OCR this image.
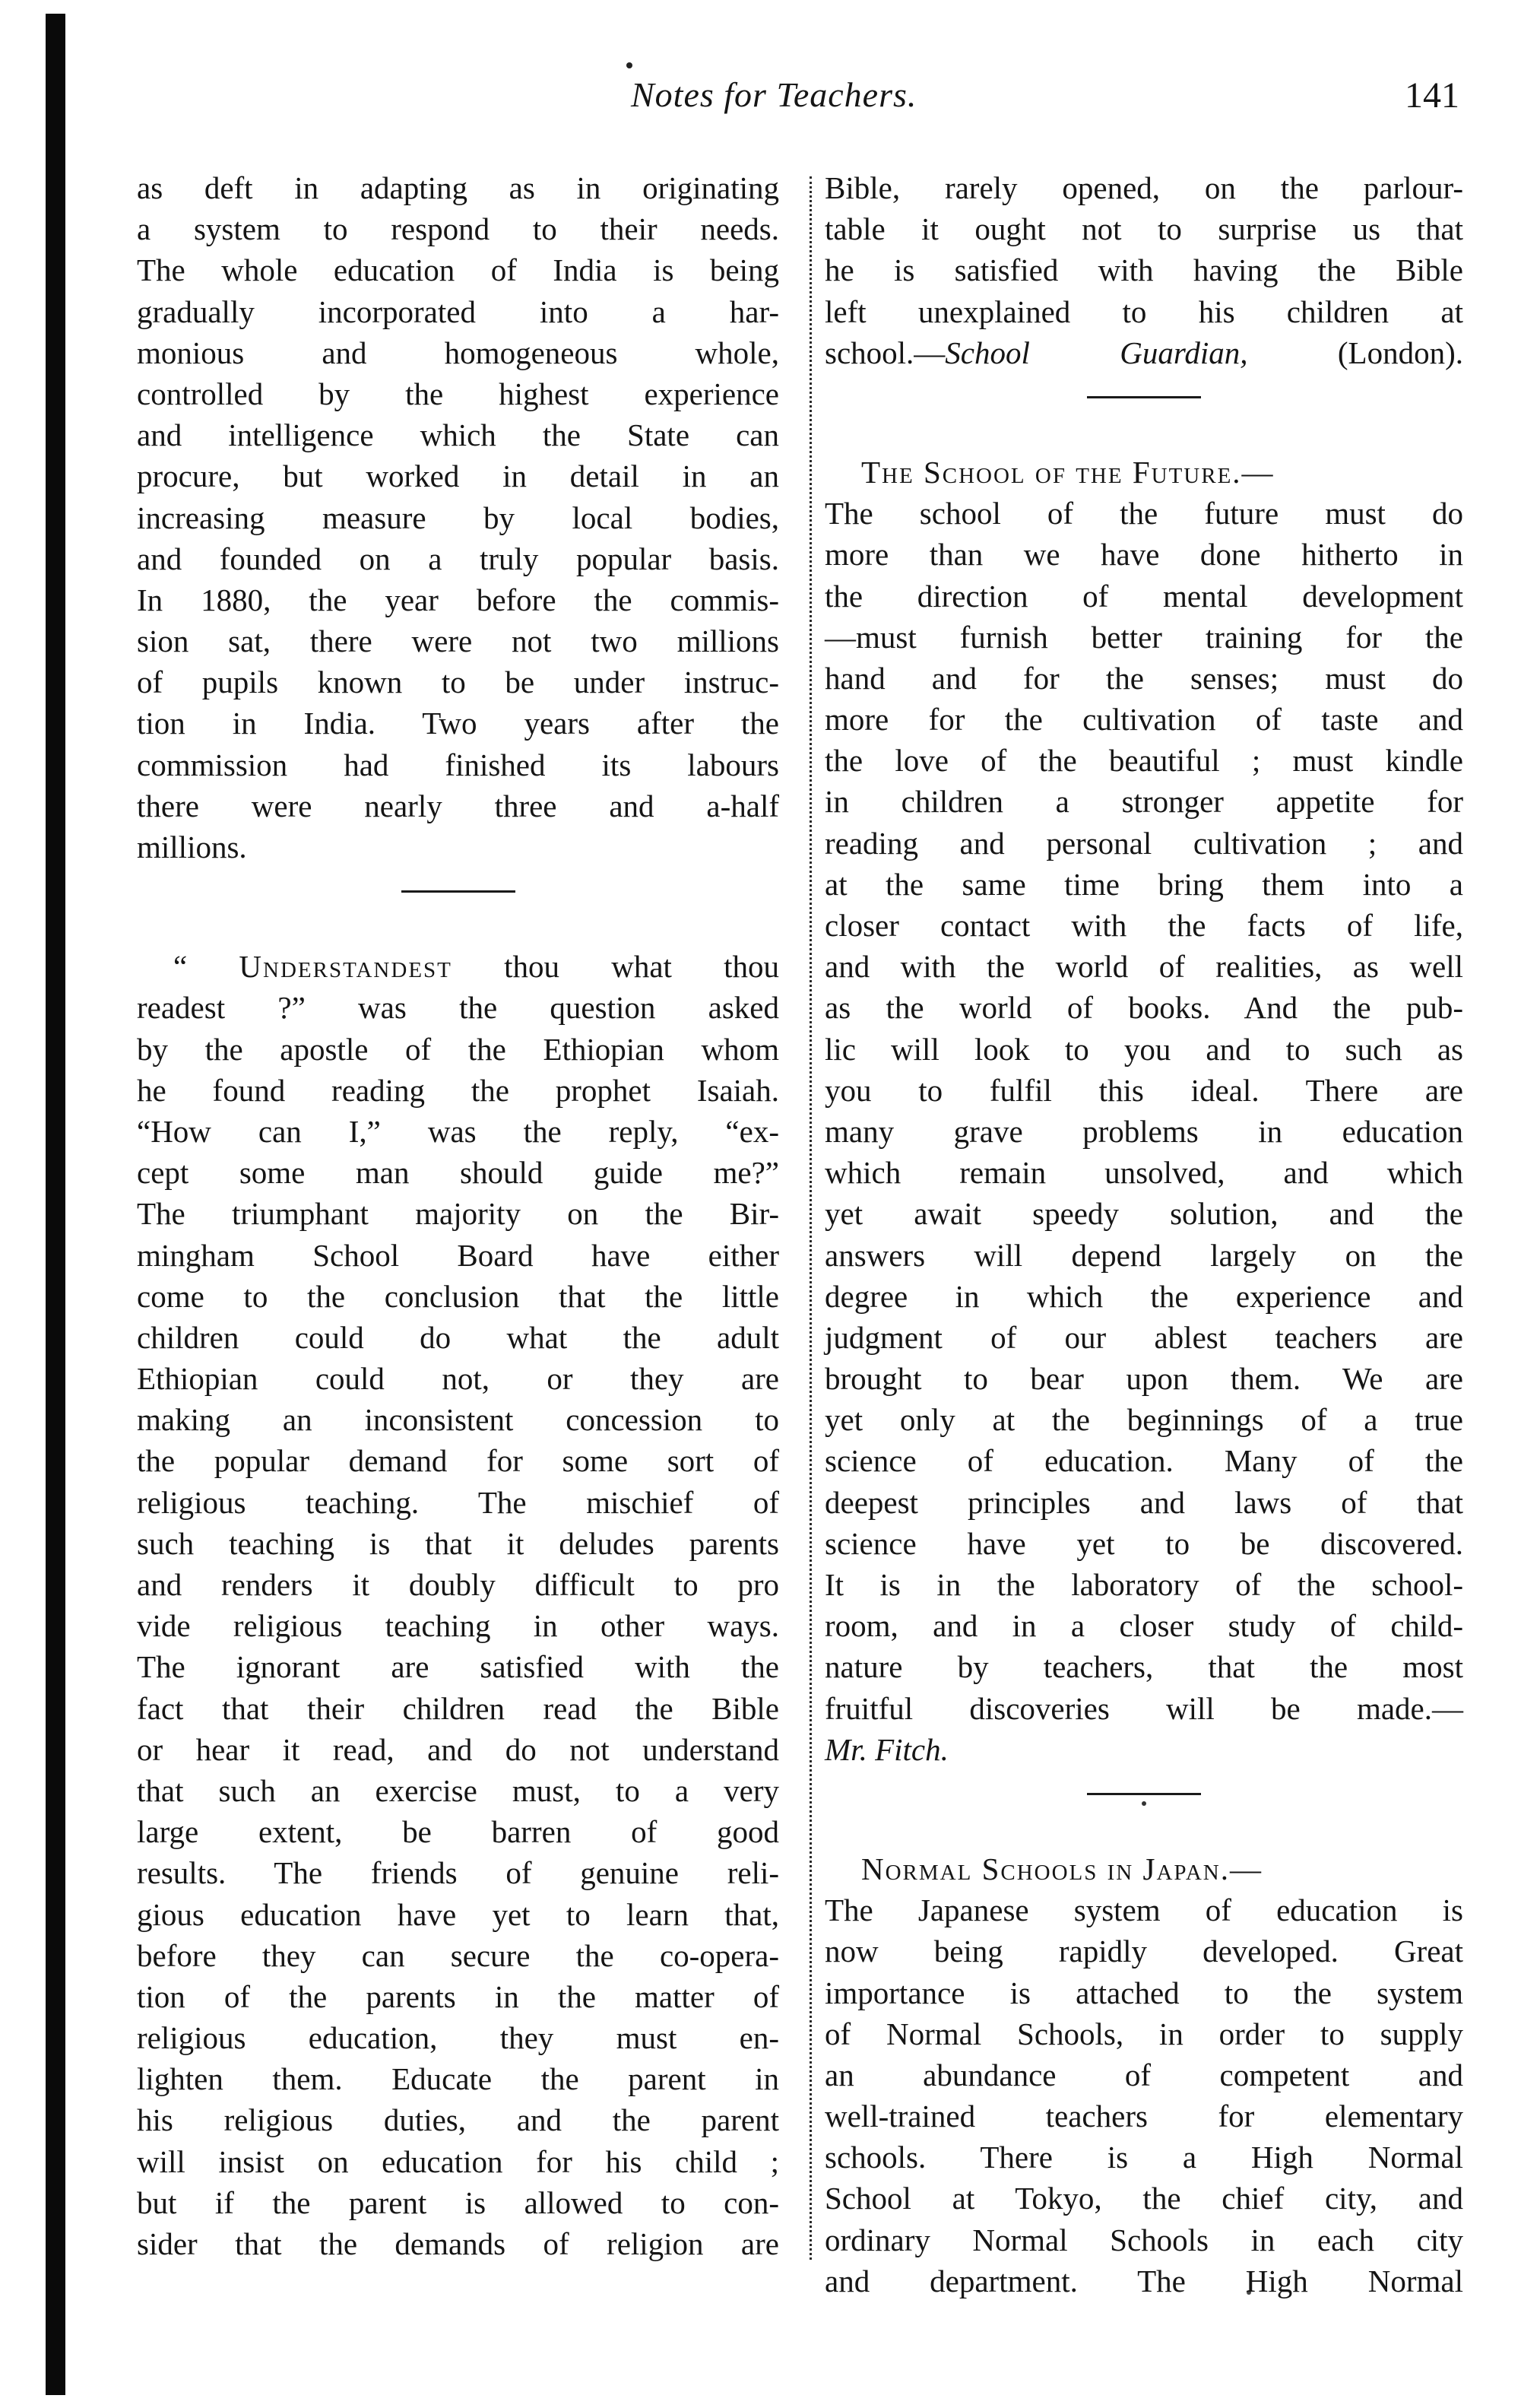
Notes for Teachers.	141
as deft in adapting as in originating
a system to respond to their needs.
The whole education of India is being
gradually incorporated into a har-
monious and homogeneous whole,
controlled by the highest experience
and intelligence which the State can
procure, but worked in detail in an
increasing measure by local bodies,
and founded on a truly popular basis.
In 1880, the year before the commis-
sion sat, there were not two millions
of pupils known to be under instruc-
tion in India. Two years after the
commission had finished its labours
there were nearly three and a-half
millions.
“ Understandest thou what thou
readest ?” was the question asked
by the apostle of the Ethiopian whom
he found reading the prophet Isaiah.
“How can I,” was the reply, “ex-
cept some man should guide me?”
The triumphant majority on the Bir-
mingham School Board have either
come to the conclusion that the little
children could do what the adult
Ethiopian could not, or they are
making an inconsistent concession to
the popular demand for some sort of
religious teaching. The mischief of
such teaching is that it deludes parents
and renders it doubly difficult to pro
vide religious teaching in other ways.
The ignorant are satisfied with the
fact that their children read the Bible
or hear it read, and do not understand
that such an exercise must, to a very
large extent, be barren of good
results. The friends of genuine reli-
gious education have yet to learn that,
before they can secure the co-opera-
tion of the parents in the matter of
religious education, they must en-
lighten them. Educate the parent in
his religious duties, and the parent
will insist on education for his child ;
but if the parent is allowed to con-
sider that the demands of religion are
Bible, rarely opened, on the parlour-
table it ought not to surprise us that
he is satisfied with having the Bible
left unexplained to his children at
school.—School Guardian, (London).
The School of the Future.—
The school of the future must do
more than we have done hitherto in
the direction of mental development
—must furnish better training for the
hand and for the senses; must do
more for the cultivation of taste and
the love of the beautiful ; must kindle
in children a stronger appetite for
reading and personal cultivation ; and
at the same time bring them into a
closer contact with the facts of life,
and with the world of realities, as well
as the world of books. And the pub-
lic will look to you and to such as
you to fulfil this ideal. There are
many grave problems in education
which remain unsolved, and which
yet await speedy solution, and the
answers will depend largely on the
degree in which the experience and
judgment of our ablest teachers are
brought to bear upon them. We are
yet only at the beginnings of a true
science of education. Many of the
deepest principles and laws of that
science have yet to be discovered.
It is in the laboratory of the school-
room, and in a closer study of child-
nature by teachers, that the most
fruitful discoveries will be made.—
Mr. Fitch.
Normal Schools in Japan.—
The Japanese system of education is
now being rapidly developed. Great
importance is attached to the system
of Normal Schools, in order to supply
an abundance of competent and
well-trained teachers for elementary
schools. There is a High Normal
School at Tokyo, the chief city, and
ordinary Normal Schools in each city
and department. The High Normal
